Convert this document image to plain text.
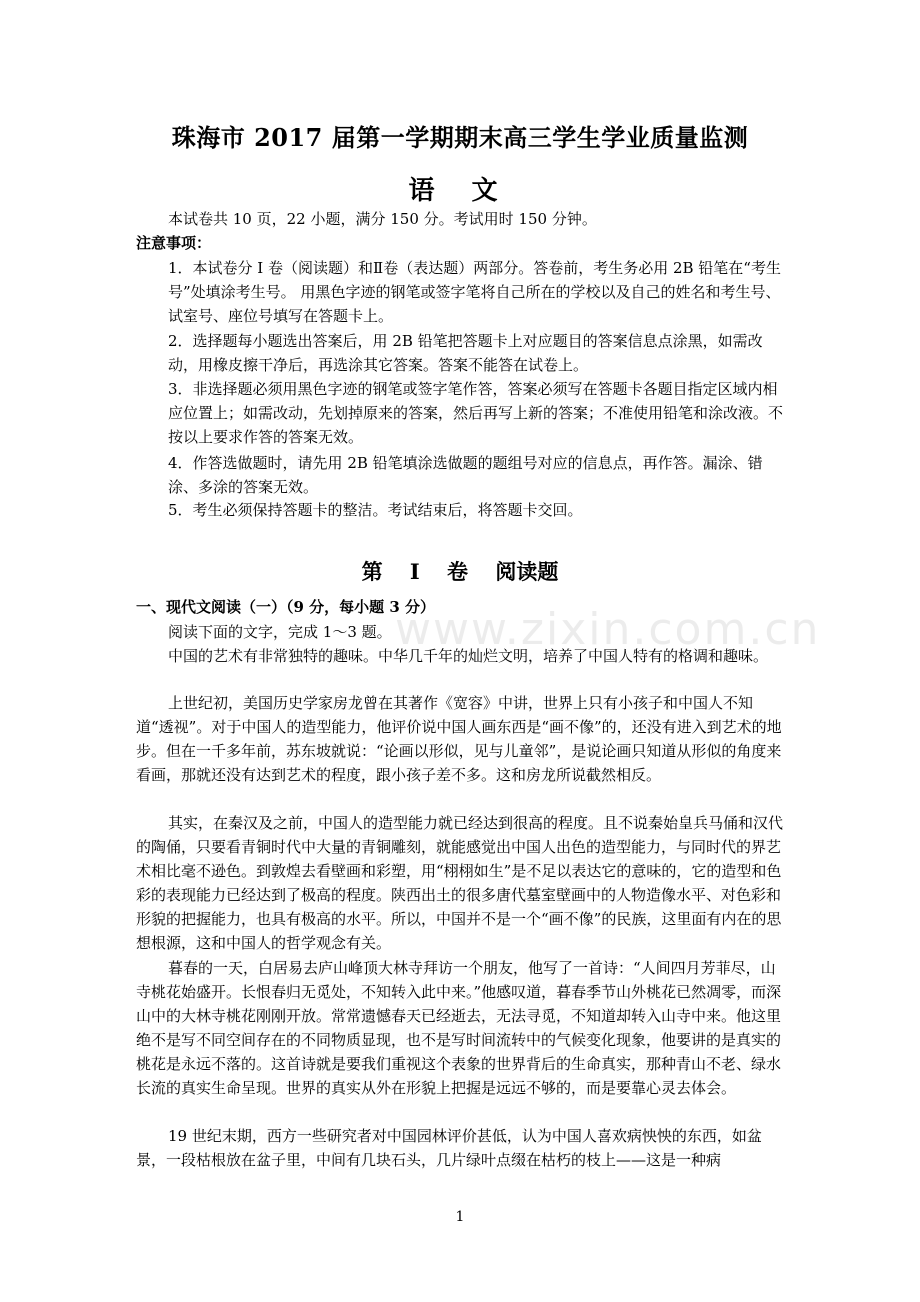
珠海市 2017 届第一学期期末高三学生学业质量监测
语 文
本试卷共 10 页，22 小题，满分 150 分。考试用时 150 分钟。
注意事项：
1．本试卷分 I 卷（阅读题）和Ⅱ卷（表达题）两部分。答卷前，考生务必用 2B 铅笔在“考生号”处填涂考生号。 用黑色字迹的钢笔或签字笔将自己所在的学校以及自己的姓名和考生号、试室号、座位号填写在答题卡上。
2．选择题每小题选出答案后，用 2B 铅笔把答题卡上对应题目的答案信息点涂黑，如需改动，用橡皮擦干净后，再选涂其它答案。答案不能答在试卷上。
3．非选择题必须用黑色字迹的钢笔或签字笔作答，答案必须写在答题卡各题目指定区域内相应位置上；如需改动，先划掉原来的答案，然后再写上新的答案；不准使用铅笔和涂改液。不按以上要求作答的答案无效。
4．作答选做题时，请先用 2B 铅笔填涂选做题的题组号对应的信息点，再作答。漏涂、错涂、多涂的答案无效。
5．考生必须保持答题卡的整洁。考试结束后，将答题卡交回。
第 I 卷 阅读题
www.zixin.com.cn
一、现代文阅读（一）（9 分，每小题 3 分）
阅读下面的文字，完成 1～3 题。
中国的艺术有非常独特的趣味。中华几千年的灿烂文明，培养了中国人特有的格调和趣味。
上世纪初，美国历史学家房龙曾在其著作《宽容》中讲，世界上只有小孩子和中国人不知道“透视”。对于中国人的造型能力，他评价说中国人画东西是“画不像”的，还没有进入到艺术的地步。但在一千多年前，苏东坡就说：“论画以形似，见与儿童邻”，是说论画只知道从形似的角度来看画，那就还没有达到艺术的程度，跟小孩子差不多。这和房龙所说截然相反。
其实，在秦汉及之前，中国人的造型能力就已经达到很高的程度。且不说秦始皇兵马俑和汉代的陶俑，只要看青铜时代中大量的青铜雕刻，就能感觉出中国人出色的造型能力，与同时代的界艺术相比毫不逊色。到敦煌去看壁画和彩塑，用“栩栩如生”是不足以表达它的意味的，它的造型和色彩的表现能力已经达到了极高的程度。陕西出土的很多唐代墓室壁画中的人物造像水平、对色彩和形貌的把握能力，也具有极高的水平。所以，中国并不是一个“画不像”的民族，这里面有内在的思想根源，这和中国人的哲学观念有关。
暮春的一天，白居易去庐山峰顶大林寺拜访一个朋友，他写了一首诗：“人间四月芳菲尽，山寺桃花始盛开。长恨春归无觅处，不知转入此中来。”他感叹道，暮春季节山外桃花已然凋零，而深山中的大林寺桃花刚刚开放。常常遗憾春天已经逝去，无法寻觅，不知道却转入山寺中来。他这里绝不是写不同空间存在的不同物质显现，也不是写时间流转中的气候变化现象，他要讲的是真实的桃花是永远不落的。这首诗就是要我们重视这个表象的世界背后的生命真实，那种青山不老、绿水长流的真实生命呈现。世界的真实从外在形貌上把握是远远不够的，而是要靠心灵去体会。
19 世纪末期，西方一些研究者对中国园林评价甚低，认为中国人喜欢病怏怏的东西，如盆景，一段枯根放在盆子里，中间有几块石头，几片绿叶点缀在枯朽的枝上——这是一种病
1
